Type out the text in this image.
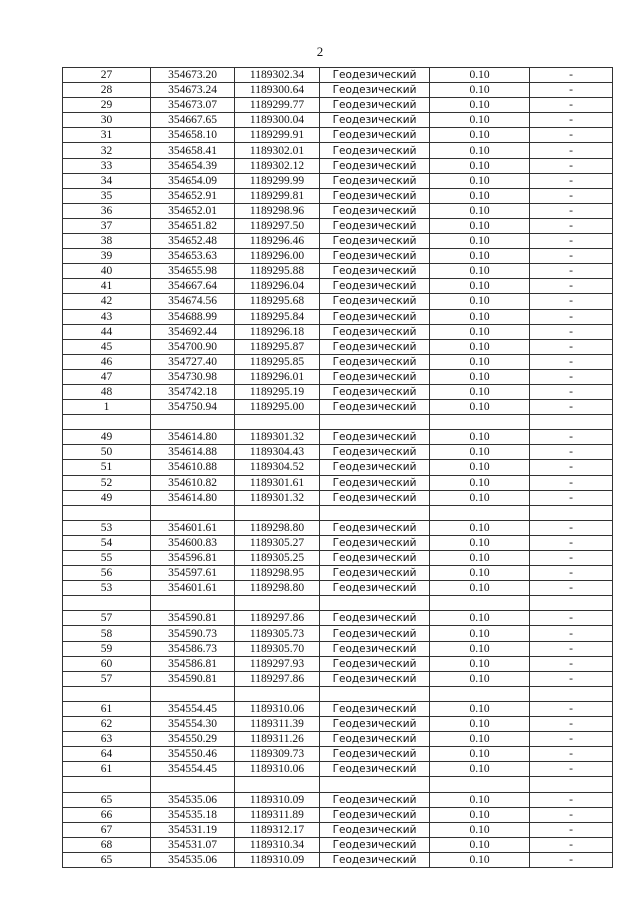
2
27	354673.20	1189302.34	Геодезический	0.10	-
28	354673.24	1189300.64	Геодезический	0.10	-
29	354673.07	1189299.77	Геодезический	0.10	-
30	354667.65	1189300.04	Геодезический	0.10	-
31	354658.10	1189299.91	Геодезический	0.10	-
32	354658.41	1189302.01	Геодезический	0.10	-
33	354654.39	1189302.12	Геодезический	0.10	-
34	354654.09	1189299.99	Геодезический	0.10	-
35	354652.91	1189299.81	Геодезический	0.10	-
36	354652.01	1189298.96	Геодезический	0.10	-
37	354651.82	1189297.50	Геодезический	0.10	-
38	354652.48	1189296.46	Геодезический	0.10	-
39	354653.63	1189296.00	Геодезический	0.10	-
40	354655.98	1189295.88	Геодезический	0.10	-
41	354667.64	1189296.04	Геодезический	0.10	-
42	354674.56	1189295.68	Геодезический	0.10	-
43	354688.99	1189295.84	Геодезический	0.10	-
44	354692.44	1189296.18	Геодезический	0.10	-
45	354700.90	1189295.87	Геодезический	0.10	-
46	354727.40	1189295.85	Геодезический	0.10	-
47	354730.98	1189296.01	Геодезический	0.10	-
48	354742.18	1189295.19	Геодезический	0.10	-
1	354750.94	1189295.00	Геодезический	0.10	-

49	354614.80	1189301.32	Геодезический	0.10	-
50	354614.88	1189304.43	Геодезический	0.10	-
51	354610.88	1189304.52	Геодезический	0.10	-
52	354610.82	1189301.61	Геодезический	0.10	-
49	354614.80	1189301.32	Геодезический	0.10	-

53	354601.61	1189298.80	Геодезический	0.10	-
54	354600.83	1189305.27	Геодезический	0.10	-
55	354596.81	1189305.25	Геодезический	0.10	-
56	354597.61	1189298.95	Геодезический	0.10	-
53	354601.61	1189298.80	Геодезический	0.10	-

57	354590.81	1189297.86	Геодезический	0.10	-
58	354590.73	1189305.73	Геодезический	0.10	-
59	354586.73	1189305.70	Геодезический	0.10	-
60	354586.81	1189297.93	Геодезический	0.10	-
57	354590.81	1189297.86	Геодезический	0.10	-

61	354554.45	1189310.06	Геодезический	0.10	-
62	354554.30	1189311.39	Геодезический	0.10	-
63	354550.29	1189311.26	Геодезический	0.10	-
64	354550.46	1189309.73	Геодезический	0.10	-
61	354554.45	1189310.06	Геодезический	0.10	-

65	354535.06	1189310.09	Геодезический	0.10	-
66	354535.18	1189311.89	Геодезический	0.10	-
67	354531.19	1189312.17	Геодезический	0.10	-
68	354531.07	1189310.34	Геодезический	0.10	-
65	354535.06	1189310.09	Геодезический	0.10	-
